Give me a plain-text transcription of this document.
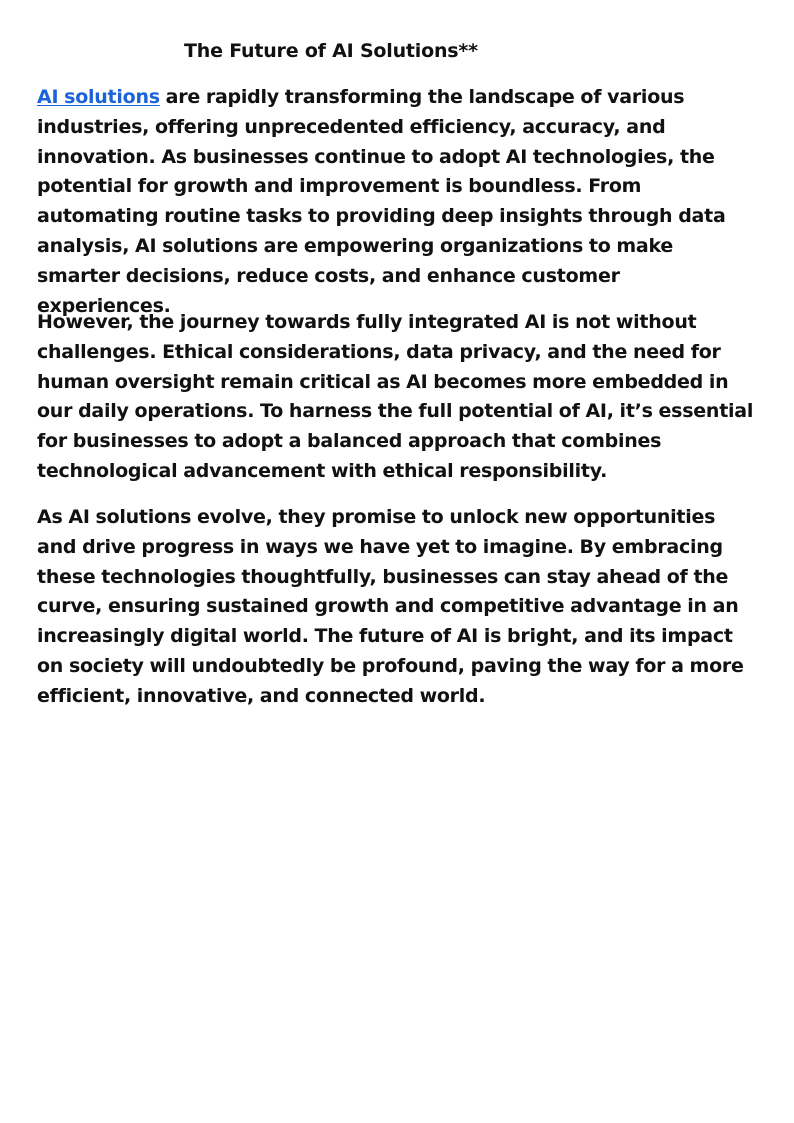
The Future of AI Solutions**

AI solutions are rapidly transforming the landscape of various industries, offering unprecedented efficiency, accuracy, and innovation. As businesses continue to adopt AI technologies, the potential for growth and improvement is boundless. From automating routine tasks to providing deep insights through data analysis, AI solutions are empowering organizations to make smarter decisions, reduce costs, and enhance customer experiences.

However, the journey towards fully integrated AI is not without challenges. Ethical considerations, data privacy, and the need for human oversight remain critical as AI becomes more embedded in our daily operations. To harness the full potential of AI, it’s essential for businesses to adopt a balanced approach that combines technological advancement with ethical responsibility.

As AI solutions evolve, they promise to unlock new opportunities and drive progress in ways we have yet to imagine. By embracing these technologies thoughtfully, businesses can stay ahead of the curve, ensuring sustained growth and competitive advantage in an increasingly digital world. The future of AI is bright, and its impact on society will undoubtedly be profound, paving the way for a more efficient, innovative, and connected world.
